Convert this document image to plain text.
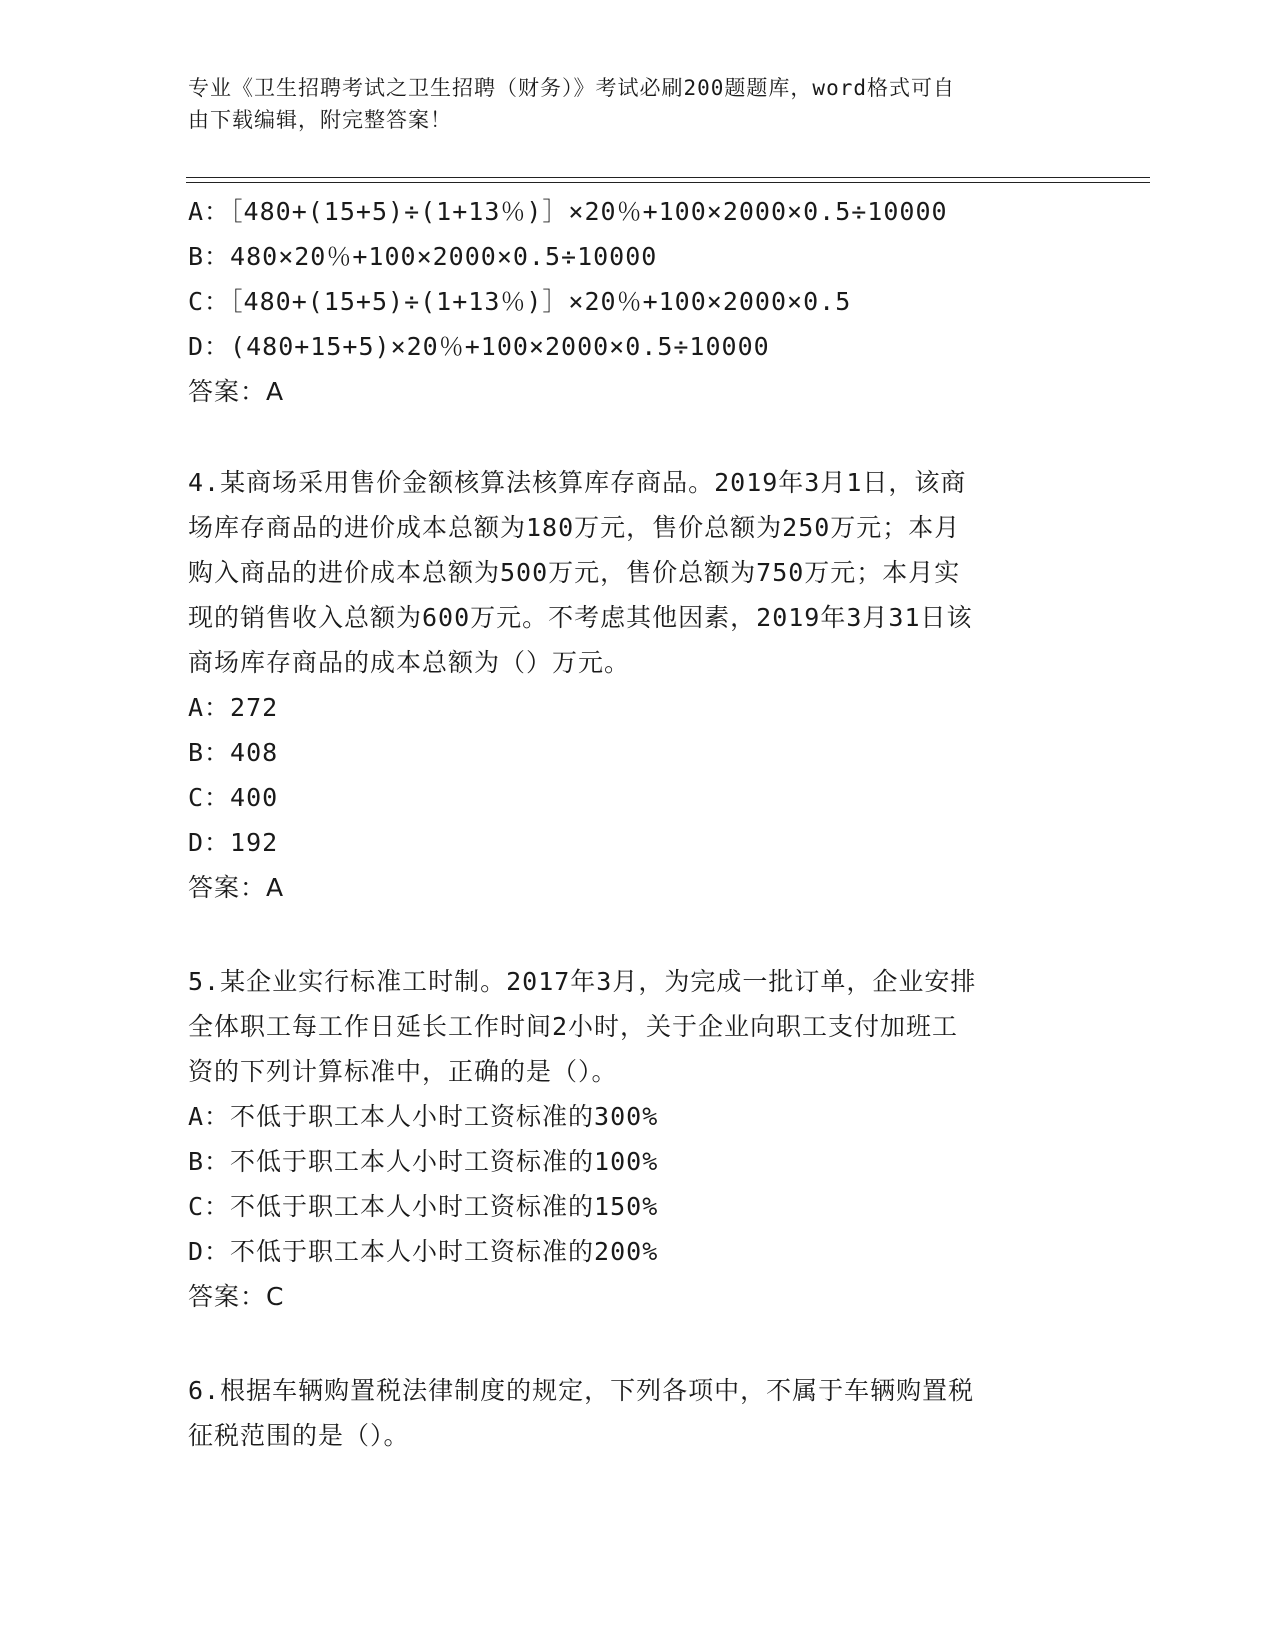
专业《卫生招聘考试之卫生招聘（财务）》考试必刷200题题库，word格式可自
由下载编辑，附完整答案！
A：［480+(15+5)÷(1+13％)］×20％+100×2000×0.5÷10000
B：480×20％+100×2000×0.5÷10000
C：［480+(15+5)÷(1+13％)］×20％+100×2000×0.5
D：(480+15+5)×20％+100×2000×0.5÷10000
答案：A
4.某商场采用售价金额核算法核算库存商品。2019年3月1日，该商
场库存商品的进价成本总额为180万元，售价总额为250万元；本月
购入商品的进价成本总额为500万元，售价总额为750万元；本月实
现的销售收入总额为600万元。不考虑其他因素，2019年3月31日该
商场库存商品的成本总额为（）万元。
A：272
B：408
C：400
D：192
答案：A
5.某企业实行标准工时制。2017年3月，为完成一批订单，企业安排
全体职工每工作日延长工作时间2小时，关于企业向职工支付加班工
资的下列计算标准中，正确的是（）。
A：不低于职工本人小时工资标准的300%
B：不低于职工本人小时工资标准的100%
C：不低于职工本人小时工资标准的150%
D：不低于职工本人小时工资标准的200%
答案：C
6.根据车辆购置税法律制度的规定，下列各项中，不属于车辆购置税
征税范围的是（）。
